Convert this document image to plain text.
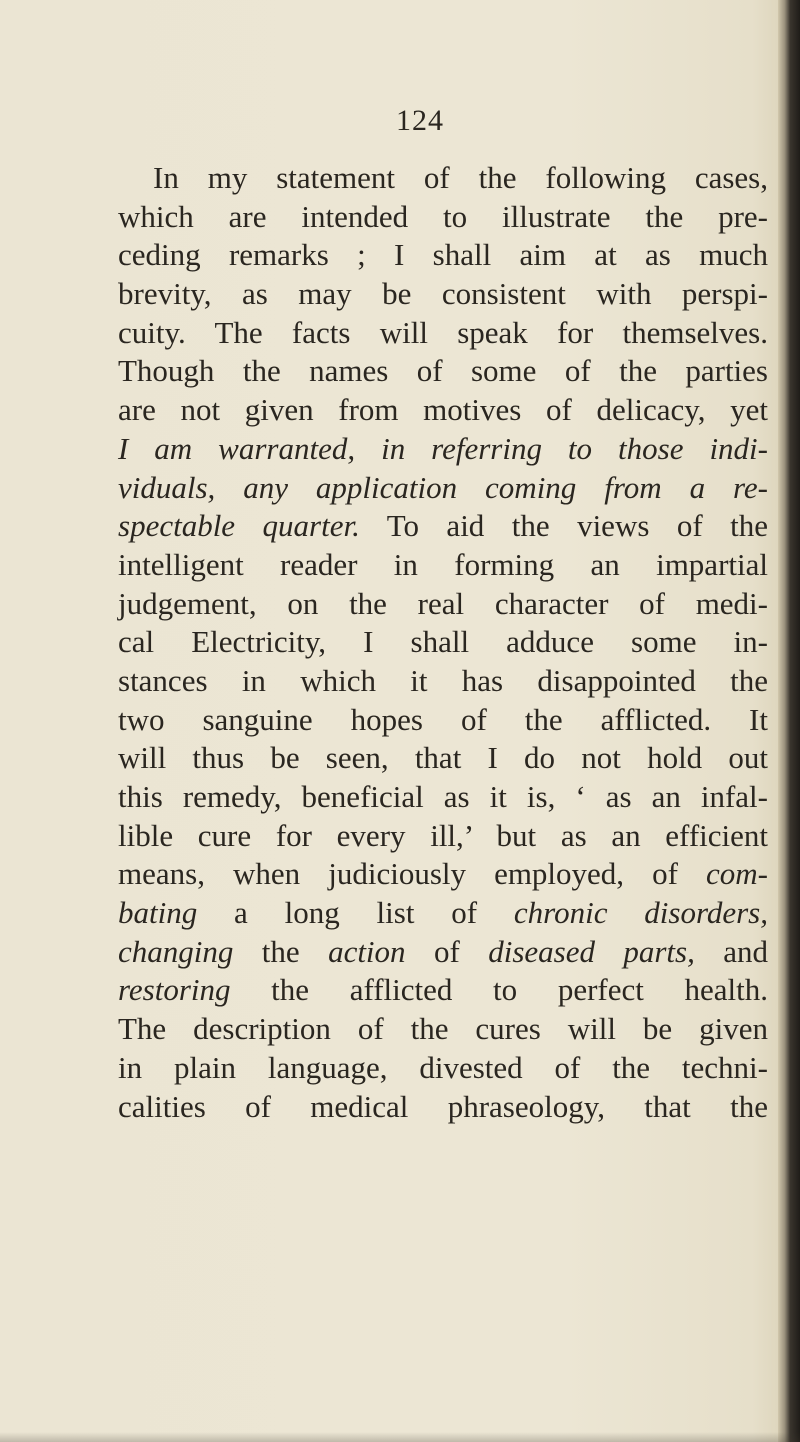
124

In my statement of the following cases,
which are intended to illustrate the pre-
ceding remarks ; I shall aim at as much
brevity, as may be consistent with perspi-
cuity. The facts will speak for themselves.
Though the names of some of the parties
are not given from motives of delicacy, yet
I am warranted, in referring to those indi-
viduals, any application coming from a re-
spectable quarter. To aid the views of the
intelligent reader in forming an impartial
judgement, on the real character of medi-
cal Electricity, I shall adduce some in-
stances in which it has disappointed the
two sanguine hopes of the afflicted. It
will thus be seen, that I do not hold out
this remedy, beneficial as it is, ‘ as an infal-
lible cure for every ill,’ but as an efficient
means, when judiciously employed, of com-
bating a long list of chronic disorders,
changing the action of diseased parts, and
restoring the afflicted to perfect health.
The description of the cures will be given
in plain language, divested of the techni-
calities of medical phraseology, that the
